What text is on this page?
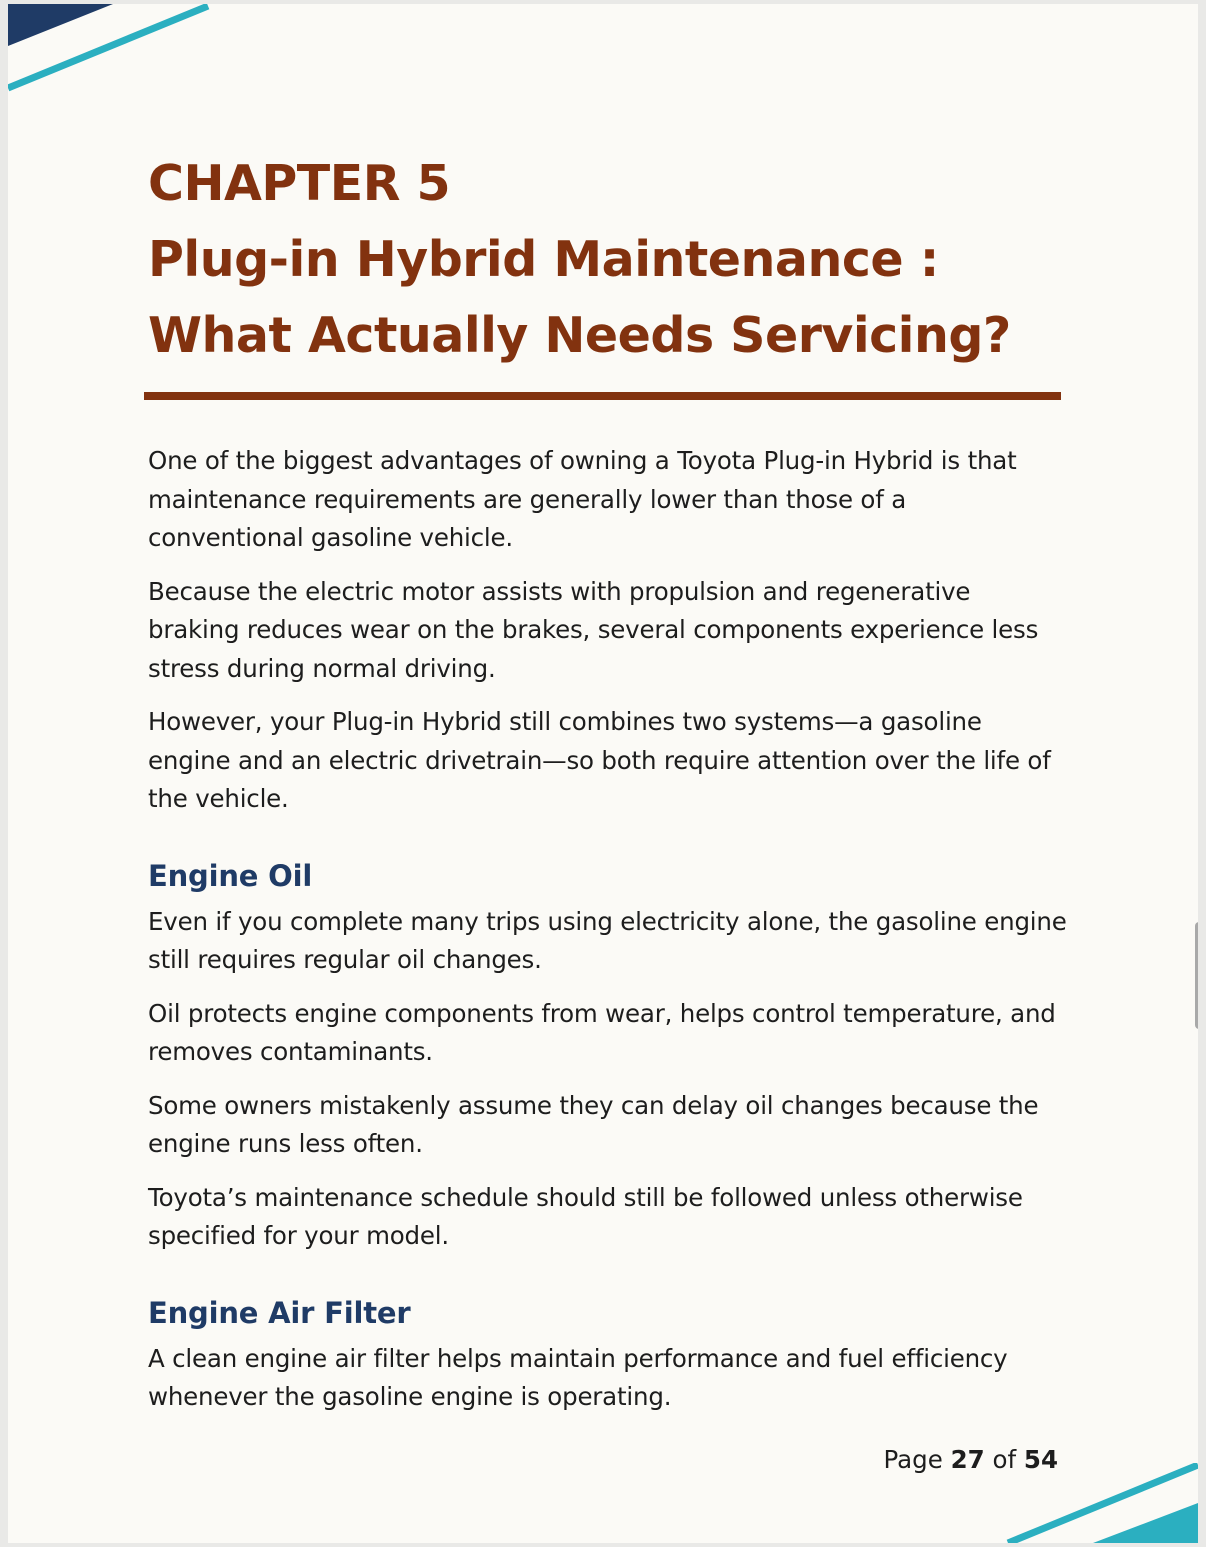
CHAPTER 5
Plug-in Hybrid Maintenance :
What Actually Needs Servicing?

One of the biggest advantages of owning a Toyota Plug-in Hybrid is that maintenance requirements are generally lower than those of a conventional gasoline vehicle.

Because the electric motor assists with propulsion and regenerative braking reduces wear on the brakes, several components experience less stress during normal driving.

However, your Plug-in Hybrid still combines two systems—a gasoline engine and an electric drivetrain—so both require attention over the life of the vehicle.

Engine Oil

Even if you complete many trips using electricity alone, the gasoline engine still requires regular oil changes.

Oil protects engine components from wear, helps control temperature, and removes contaminants.

Some owners mistakenly assume they can delay oil changes because the engine runs less often.

Toyota’s maintenance schedule should still be followed unless otherwise specified for your model.

Engine Air Filter

A clean engine air filter helps maintain performance and fuel efficiency whenever the gasoline engine is operating.

Page 27 of 54
